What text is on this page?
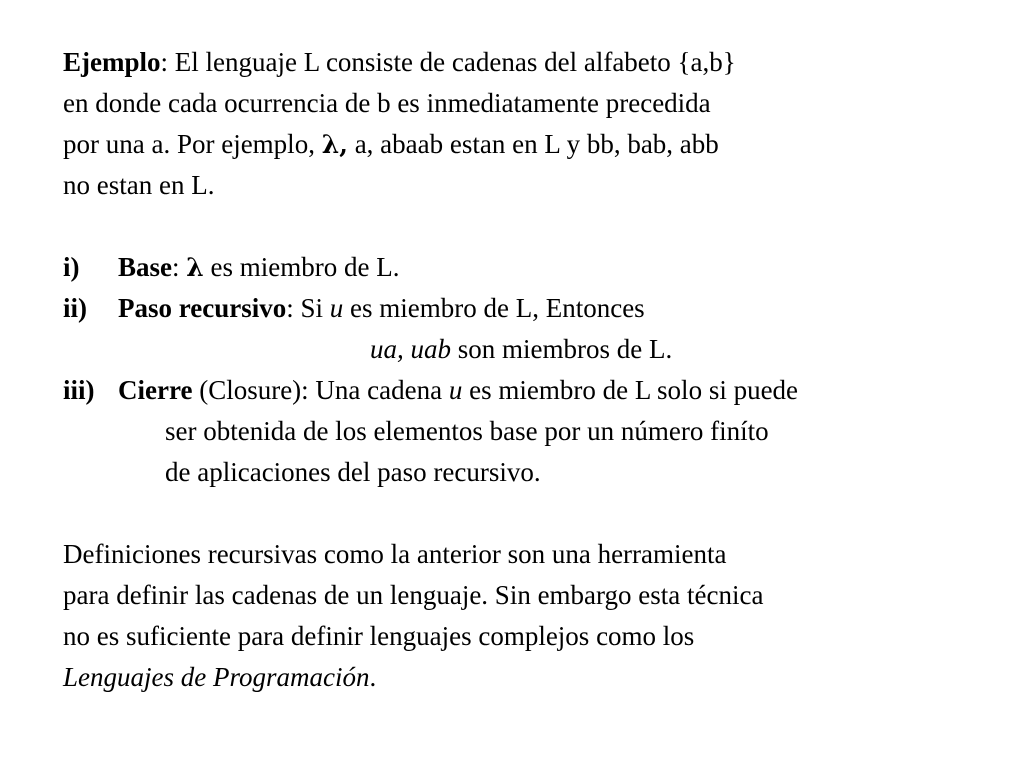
Ejemplo: El lenguaje L consiste de cadenas del alfabeto {a,b}
en donde cada ocurrencia de b es inmediatamente precedida
por una a. Por ejemplo, λ, a, abaab estan en L y bb, bab, abb
no estan en L.
i) Base: λ es miembro de L.
ii) Paso recursivo: Si u es miembro de L, Entonces
ua, uab son miembros de L.
iii) Cierre (Closure): Una cadena u es miembro de L solo si puede
ser obtenida de los elementos base por un número finíto
de aplicaciones del paso recursivo.
Definiciones recursivas como la anterior son una herramienta
para definir las cadenas de un lenguaje. Sin embargo esta técnica
no es suficiente para definir lenguajes complejos como los
Lenguajes de Programación.
